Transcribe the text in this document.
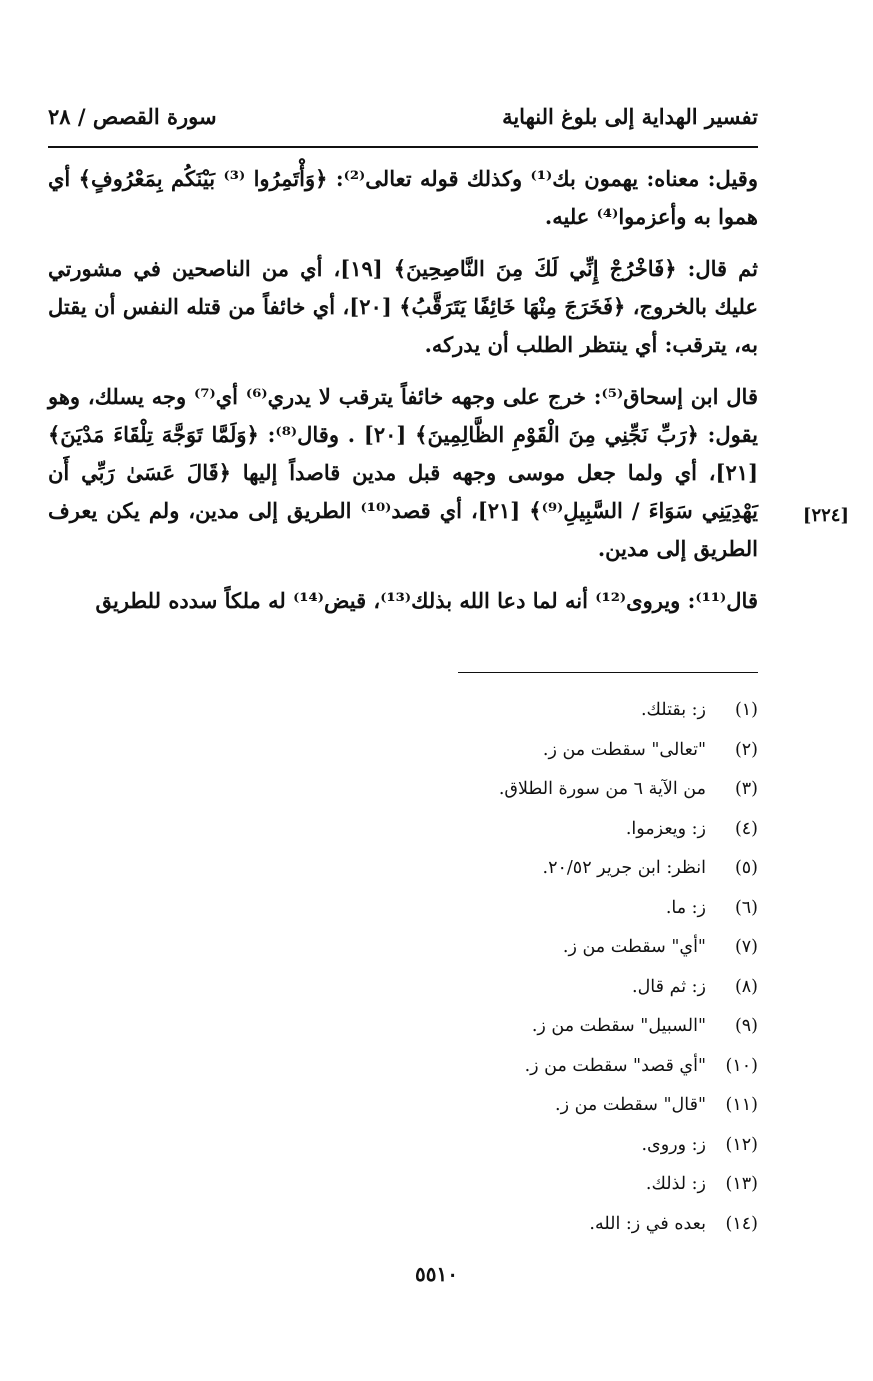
تفسير الهداية إلى بلوغ النهاية
سورة القصص / ٢٨

وقيل: معناه: يهمون بك⁽¹⁾ وكذلك قوله تعالى⁽²⁾: ﴿وَأْتَمِرُوا ⁽³⁾ بَيْنَكُم بِمَعْرُوفٍ﴾ أي هموا به وأعزموا⁽⁴⁾ عليه.

ثم قال: ﴿فَاخْرُجْ إِنِّي لَكَ مِنَ النَّاصِحِينَ﴾ [١٩]، أي من الناصحين في مشورتي عليك بالخروج، ﴿فَخَرَجَ مِنْهَا خَائِفًا يَتَرَقَّبُ﴾ [٢٠]، أي خائفاً من قتله النفس أن يقتل به، يترقب: أي ينتظر الطلب أن يدركه.

قال ابن إسحاق⁽⁵⁾: خرج على وجهه خائفاً يترقب لا يدري⁽⁶⁾ أي⁽⁷⁾ وجه يسلك، وهو يقول: ﴿رَبِّ نَجِّنِي مِنَ الْقَوْمِ الظَّالِمِينَ﴾ [٢٠] . وقال⁽⁸⁾: ﴿وَلَمَّا تَوَجَّهَ تِلْقَاءَ مَدْيَنَ﴾ [٢١]، أي ولما جعل موسى وجهه قبل مدين قاصداً إليها ﴿قَالَ عَسَىٰ رَبِّي أَن يَهْدِيَنِي سَوَاءَ / السَّبِيلِ⁽⁹⁾﴾ [٢١]، أي قصد⁽¹⁰⁾ الطريق إلى مدين، ولم يكن يعرف الطريق إلى مدين.

قال⁽¹¹⁾: ويروى⁽¹²⁾ أنه لما دعا الله بذلك⁽¹³⁾، قيض⁽¹⁴⁾ له ملكاً سدده للطريق

[٢٢٤]
(١)ز: بقتلك.
(٢)"تعالى" سقطت من ز.
(٣)من الآية ٦ من سورة الطلاق.
(٤)ز: ويعزموا.
(٥)انظر: ابن جرير ٢٠/٥٢.
(٦)ز: ما.
(٧)"أي" سقطت من ز.
(٨)ز: ثم قال.
(٩)"السبيل" سقطت من ز.
(١٠)"أي قصد" سقطت من ز.
(١١)"قال" سقطت من ز.
(١٢)ز: وروى.
(١٣)ز: لذلك.
(١٤)بعده في ز: الله.
٥٥١٠
